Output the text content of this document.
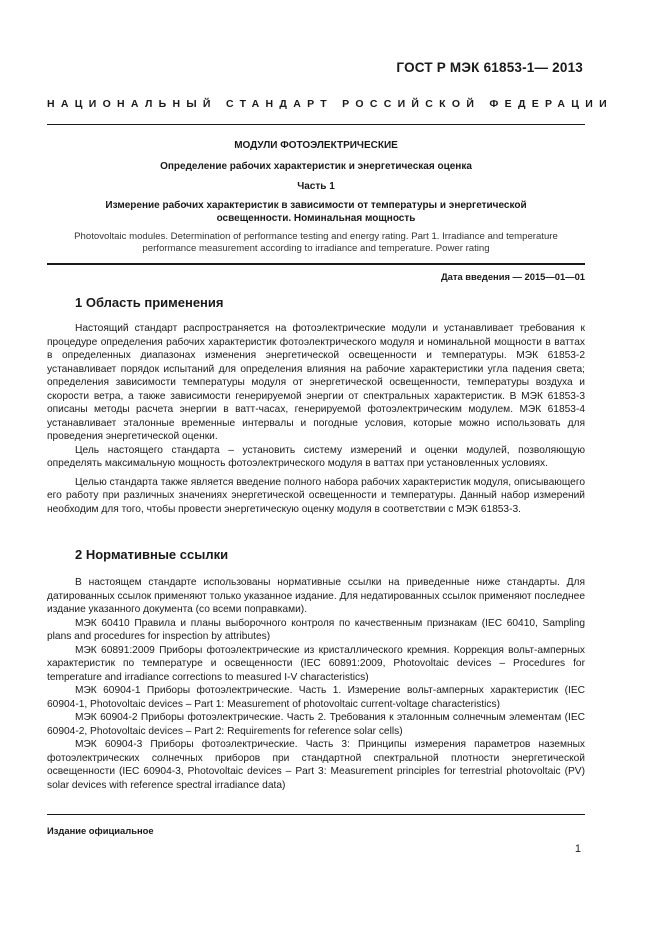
ГОСТ Р МЭК 61853-1— 2013
НАЦИОНАЛЬНЫЙ СТАНДАРТ РОССИЙСКОЙ ФЕДЕРАЦИИ
МОДУЛИ ФОТОЭЛЕКТРИЧЕСКИЕ
Определение рабочих характеристик и энергетическая оценка
Часть 1
Измерение рабочих характеристик в зависимости от температуры и энергетической
освещенности. Номинальная мощность
Photovoltaic modules. Determination of performance testing and energy rating. Part 1. Irradiance and temperature
performance measurement according to irradiance and temperature. Power rating
Дата введения — 2015—01—01
1 Область применения

Настоящий стандарт распространяется на фотоэлектрические модули и устанавливает требования к процедуре определения рабочих характеристик фотоэлектрического модуля и номинальной мощности в ваттах в определенных диапазонах изменения энергетической освещенности и температуры. МЭК 61853-2 устанавливает порядок испытаний для определения влияния на рабочие характеристики угла падения света; определения зависимости температуры модуля от энергетической освещенности, температуры воздуха и скорости ветра, а также зависимости генерируемой энергии от спектральных характеристик. В МЭК 61853-3 описаны методы расчета энергии в ватт-часах, генерируемой фотоэлектрическим модулем. МЭК 61853-4 устанавливает эталонные временные интервалы и погодные условия, которые можно использовать для проведения энергетической оценки.

Цель настоящего стандарта – установить систему измерений и оценки модулей, позволяющую определять максимальную мощность фотоэлектрического модуля в ваттах при установленных условиях.

Целью стандарта также является введение полного набора рабочих характеристик модуля, описывающего его работу при различных значениях энергетической освещенности и температуры. Данный набор измерений необходим для того, чтобы провести энергетическую оценку модуля в соответствии с МЭК 61853-3.

2 Нормативные ссылки

В настоящем стандарте использованы нормативные ссылки на приведенные ниже стандарты. Для датированных ссылок применяют только указанное издание. Для недатированных ссылок применяют последнее издание указанного документа (со всеми поправками).

МЭК 60410 Правила и планы выборочного контроля по качественным признакам (IEC 60410, Sampling plans and procedures for inspection by attributes)

МЭК 60891:2009 Приборы фотоэлектрические из кристаллического кремния. Коррекция вольт-амперных характеристик по температуре и освещенности (IEC 60891:2009, Photovoltaic devices – Procedures for temperature and irradiance corrections to measured I-V characteristics)

МЭК 60904-1 Приборы фотоэлектрические. Часть 1. Измерение вольт-амперных характеристик (IEC 60904-1, Photovoltaic devices – Part 1: Measurement of photovoltaic current-voltage characteristics)

МЭК 60904-2 Приборы фотоэлектрические. Часть 2. Требования к эталонным солнечным элементам (IEC 60904-2, Photovoltaic devices – Part 2: Requirements for reference solar cells)

МЭК 60904-3 Приборы фотоэлектрические. Часть 3: Принципы измерения параметров наземных фотоэлектрических солнечных приборов при стандартной спектральной плотности энергетической освещенности (IEC 60904-3, Photovoltaic devices – Part 3: Measurement principles for terrestrial photovoltaic (PV) solar devices with reference spectral irradiance data)

Издание официальное
1
